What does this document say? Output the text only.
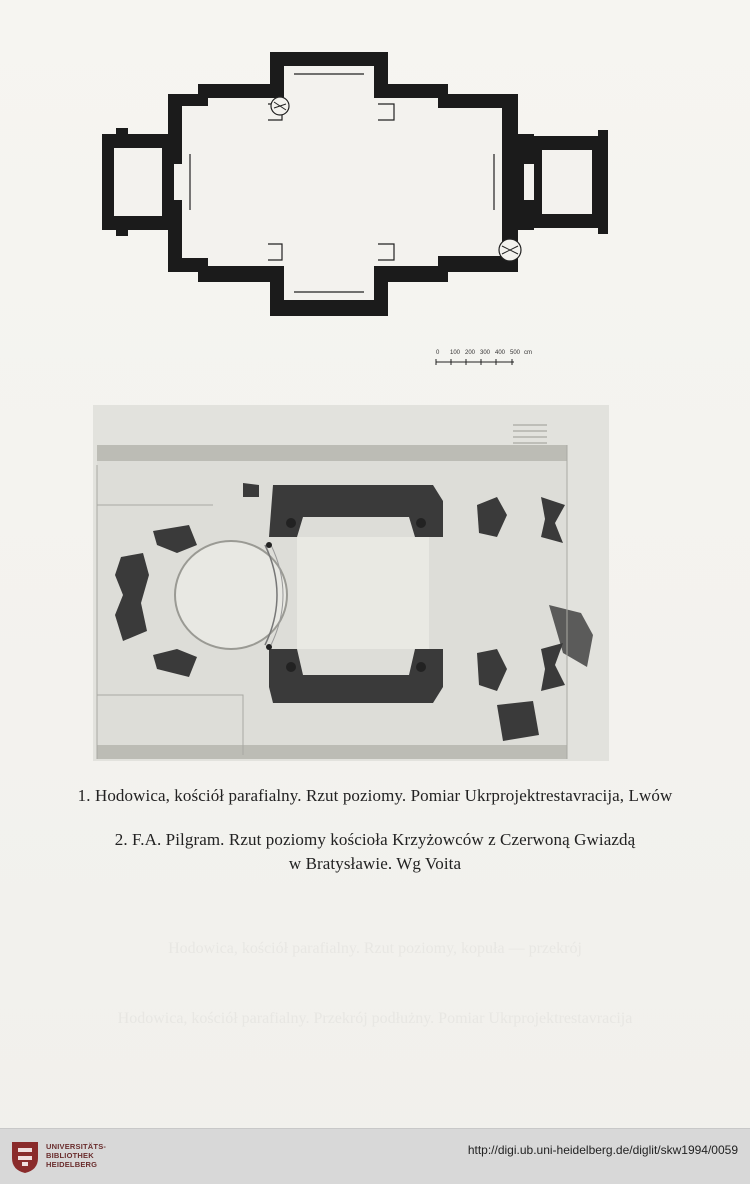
0 100 200 300 400 500 cm
Hodowica, kościół parafialny. Rzut poziomy, kopuła — przekrój
Hodowica, kościół parafialny. Przekrój podłużny. Pomiar Ukrprojektrestavracija
1. Hodowica, kościół parafialny. Rzut poziomy. Pomiar Ukrprojektrestavracija, Lwów
2. F.A. Pilgram. Rzut poziomy kościoła Krzyżowców z Czerwoną Gwiazdą
w Bratysławie. Wg Voita
UNIVERSITÄTS-
BIBLIOTHEK
HEIDELBERG
http://digi.ub.uni-heidelberg.de/diglit/skw1994/0059
